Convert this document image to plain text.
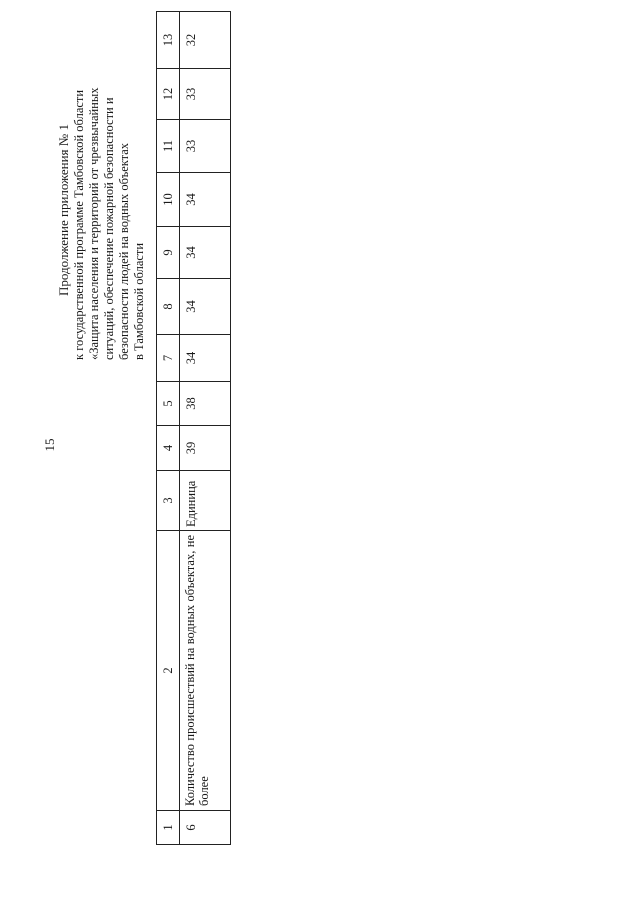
15
Продолжение приложения № 1 к государственной программе Тамбовской области «Защита населения и территорий от чрезвычайных ситуаций, обеспечение пожарной безопасности и безопасности людей на водных объектах в Тамбовской области
1	2	3	4	5	7	8	9	10	11	12	13
6	Количество происшествий на водных объектах, не более	Единица	39	38	34	34	34	34	33	33	32
